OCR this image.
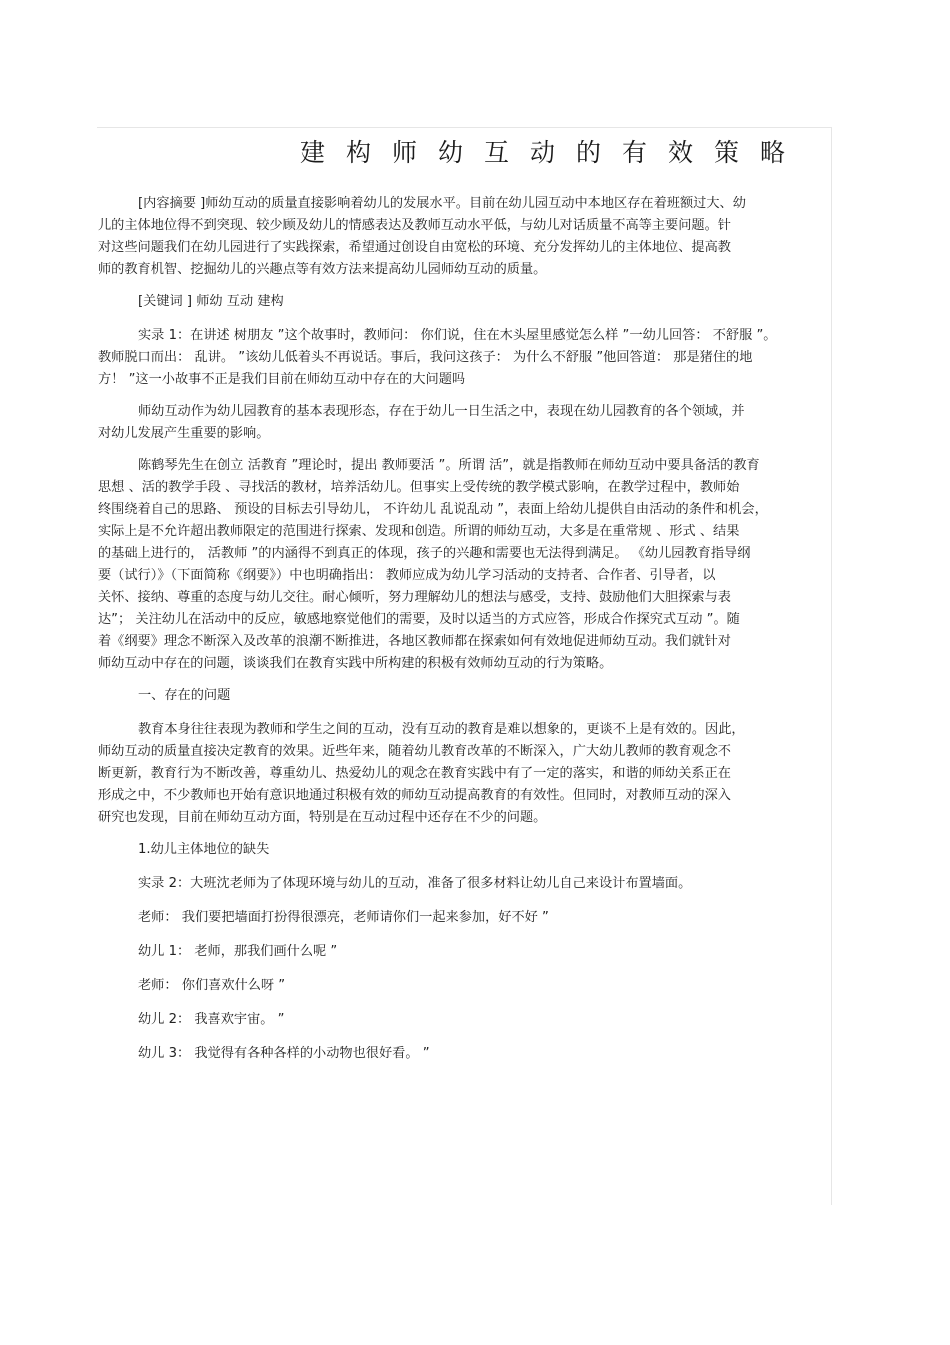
建构师幼互动的有效策略
[内容摘要 ]师幼互动的质量直接影响着幼儿的发展水平。目前在幼儿园互动中本地区存在着班额过大、幼
儿的主体地位得不到突现、较少顾及幼儿的情感表达及教师互动水平低，与幼儿对话质量不高等主要问题。针
对这些问题我们在幼儿园进行了实践探索，希望通过创设自由宽松的环境、充分发挥幼儿的主体地位、提高教
师的教育机智、挖掘幼儿的兴趣点等有效方法来提高幼儿园师幼互动的质量。
[关键词 ] 师幼 互动 建构
实录 1：在讲述 树朋友 ”这个故事时，教师问： 你们说，住在木头屋里感觉怎么样 ”一幼儿回答： 不舒服 ”。
教师脱口而出： 乱讲。 ”该幼儿低着头不再说话。事后，我问这孩子： 为什么不舒服 ”他回答道： 那是猪住的地
方！ ”这一小故事不正是我们目前在师幼互动中存在的大问题吗
师幼互动作为幼儿园教育的基本表现形态，存在于幼儿一日生活之中，表现在幼儿园教育的各个领域，并
对幼儿发展产生重要的影响。
陈鹤琴先生在创立 活教育 ”理论时，提出 教师要活 ”。所谓 活”，就是指教师在师幼互动中要具备活的教育
思想 、活的教学手段 、寻找活的教材，培养活幼儿。但事实上受传统的教学模式影响，在教学过程中，教师始
终围绕着自己的思路、 预设的目标去引导幼儿， 不许幼儿 乱说乱动 ”，表面上给幼儿提供自由活动的条件和机会，
实际上是不允许超出教师限定的范围进行探索、发现和创造。所谓的师幼互动，大多是在重常规 、形式 、结果
的基础上进行的， 活教师 ”的内涵得不到真正的体现，孩子的兴趣和需要也无法得到满足。 《幼儿园教育指导纲
要（试行）》（下面简称《纲要》）中也明确指出： 教师应成为幼儿学习活动的支持者、合作者、引导者，以
关怀、接纳、尊重的态度与幼儿交往。耐心倾听，努力理解幼儿的想法与感受，支持、鼓励他们大胆探索与表
达”； 关注幼儿在活动中的反应，敏感地察觉他们的需要，及时以适当的方式应答，形成合作探究式互动 ”。随
着《纲要》理念不断深入及改革的浪潮不断推进，各地区教师都在探索如何有效地促进师幼互动。我们就针对
师幼互动中存在的问题，谈谈我们在教育实践中所构建的积极有效师幼互动的行为策略。
一、存在的问题
教育本身往往表现为教师和学生之间的互动，没有互动的教育是难以想象的，更谈不上是有效的。因此，
师幼互动的质量直接决定教育的效果。近些年来，随着幼儿教育改革的不断深入，广大幼儿教师的教育观念不
断更新，教育行为不断改善，尊重幼儿、热爱幼儿的观念在教育实践中有了一定的落实，和谐的师幼关系正在
形成之中，不少教师也开始有意识地通过积极有效的师幼互动提高教育的有效性。但同时，对教师互动的深入
研究也发现，目前在师幼互动方面，特别是在互动过程中还存在不少的问题。
1.幼儿主体地位的缺失
实录 2：大班沈老师为了体现环境与幼儿的互动，准备了很多材料让幼儿自己来设计布置墙面。
老师： 我们要把墙面打扮得很漂亮，老师请你们一起来参加，好不好 ”
幼儿 1： 老师，那我们画什么呢 ”
老师： 你们喜欢什么呀 ”
幼儿 2： 我喜欢宇宙。 ”
幼儿 3： 我觉得有各种各样的小动物也很好看。 ”
